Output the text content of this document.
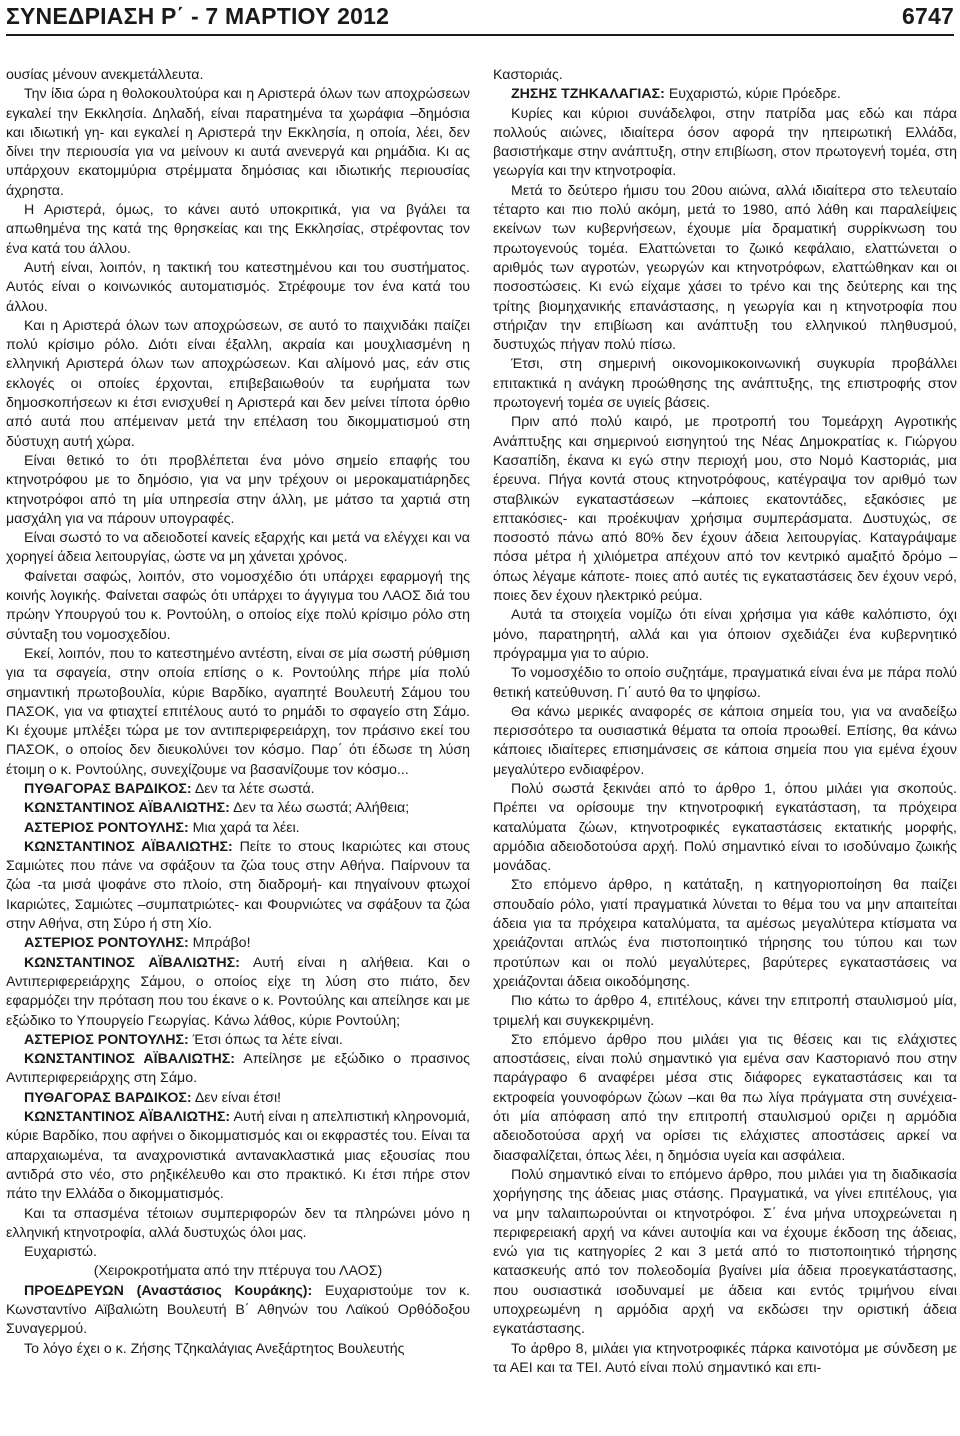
ΣΥΝΕΔΡΙΑΣΗ Ρ΄ - 7 ΜΑΡΤΙΟΥ 2012	6747

ουσίας μένουν ανεκμετάλλευτα.

Την ίδια ώρα η θολοκουλτούρα και η Αριστερά όλων των αποχρώσεων εγκαλεί την Εκκλησία. Δηλαδή, είναι παρατημένα τα χωράφια –δημόσια και ιδιωτική γη- και εγκαλεί η Αριστερά την Εκκλησία, η οποία, λέει, δεν δίνει την περιουσία για να μείνουν κι αυτά ανενεργά και ρημάδια. Κι ας υπάρχουν εκατομμύρια στρέμματα δημόσιας και ιδιωτικής περιουσίας άχρηστα.

Η Αριστερά, όμως, το κάνει αυτό υποκριτικά, για να βγάλει τα απωθημένα της κατά της θρησκείας και της Εκκλησίας, στρέφοντας τον ένα κατά του άλλου.

Αυτή είναι, λοιπόν, η τακτική του κατεστημένου και του συστήματος. Αυτός είναι ο κοινωνικός αυτοματισμός. Στρέφουμε τον ένα κατά του άλλου.

Και η Αριστερά όλων των αποχρώσεων, σε αυτό το παιχνιδάκι παίζει πολύ κρίσιμο ρόλο. Διότι είναι έξαλλη, ακραία και μουχλιασμένη η ελληνική Αριστερά όλων των αποχρώσεων. Και αλίμονό μας, εάν στις εκλογές οι οποίες έρχονται, επιβεβαιωθούν τα ευρήματα των δημοσκοπήσεων κι έτσι ενισχυθεί η Αριστερά και δεν μείνει τίποτα όρθιο από αυτά που απέμειναν μετά την επέλαση του δικομματισμού στη δύστυχη αυτή χώρα.

Είναι θετικό το ότι προβλέπεται ένα μόνο σημείο επαφής του κτηνοτρόφου με το δημόσιο, για να μην τρέχουν οι μεροκαματιάρηδες κτηνοτρόφοι από τη μία υπηρεσία στην άλλη, με μάτσο τα χαρτιά στη μασχάλη για να πάρουν υπογραφές.

Είναι σωστό το να αδειοδοτεί κανείς εξαρχής και μετά να ελέγχει και να χορηγεί άδεια λειτουργίας, ώστε να μη χάνεται χρόνος.

Φαίνεται σαφώς, λοιπόν, στο νομοσχέδιο ότι υπάρχει εφαρμογή της κοινής λογικής. Φαίνεται σαφώς ότι υπάρχει το άγγιγμα του ΛΑΟΣ διά του πρώην Υπουργού του κ. Ροντούλη, ο οποίος είχε πολύ κρίσιμο ρόλο στη σύνταξη του νομοσχεδίου.

Εκεί, λοιπόν, που το κατεστημένο αντέστη, είναι σε μία σωστή ρύθμιση για τα σφαγεία, στην οποία επίσης ο κ. Ροντούλης πήρε μία πολύ σημαντική πρωτοβουλία, κύριε Βαρδίκο, αγαπητέ Βουλευτή Σάμου του ΠΑΣΟΚ, για να φτιαχτεί επιτέλους αυτό το ρημάδι το σφαγείο στη Σάμο. Κι έχουμε μπλέξει τώρα με τον αντιπεριφερειάρχη, τον πράσινο εκεί του ΠΑΣΟΚ, ο οποίος δεν διευκολύνει τον κόσμο. Παρ΄ ότι έδωσε τη λύση έτοιμη ο κ. Ροντούλης, συνεχίζουμε να βασανίζουμε τον κόσμο...

ΠΥΘΑΓΟΡΑΣ ΒΑΡΔΙΚΟΣ: Δεν τα λέτε σωστά.

ΚΩΝΣΤΑΝΤΙΝΟΣ ΑΪΒΑΛΙΩΤΗΣ: Δεν τα λέω σωστά; Αλήθεια;

ΑΣΤΕΡΙΟΣ ΡΟΝΤΟΥΛΗΣ: Μια χαρά τα λέει.

ΚΩΝΣΤΑΝΤΙΝΟΣ ΑΪΒΑΛΙΩΤΗΣ: Πείτε το στους Ικαριώτες και στους Σαμιώτες που πάνε να σφάξουν τα ζώα τους στην Αθήνα. Παίρνουν τα ζώα -τα μισά ψοφάνε στο πλοίο, στη διαδρομή- και πηγαίνουν φτωχοί Ικαριώτες, Σαμιώτες –συμπατριώτες- και Φουρνιώτες να σφάξουν τα ζώα στην Αθήνα, στη Σύρο ή στη Χίο.

ΑΣΤΕΡΙΟΣ ΡΟΝΤΟΥΛΗΣ: Μπράβο!

ΚΩΝΣΤΑΝΤΙΝΟΣ ΑΪΒΑΛΙΩΤΗΣ: Αυτή είναι η αλήθεια. Και ο Αντιπεριφερειάρχης Σάμου, ο οποίος είχε τη λύση στο πιάτο, δεν εφαρμόζει την πρόταση που του έκανε ο κ. Ροντούλης και απείλησε και με εξώδικο το Υπουργείο Γεωργίας. Κάνω λάθος, κύριε Ροντούλη;

ΑΣΤΕΡΙΟΣ ΡΟΝΤΟΥΛΗΣ: Έτσι όπως τα λέτε είναι.

ΚΩΝΣΤΑΝΤΙΝΟΣ ΑΪΒΑΛΙΩΤΗΣ: Απείλησε με εξώδικο ο πρασινος Αντιπεριφερειάρχης στη Σάμο.

ΠΥΘΑΓΟΡΑΣ ΒΑΡΔΙΚΟΣ: Δεν είναι έτσι!

ΚΩΝΣΤΑΝΤΙΝΟΣ ΑΪΒΑΛΙΩΤΗΣ: Αυτή είναι η απελπιστική κληρονομιά, κύριε Βαρδίκο, που αφήνει ο δικομματισμός και οι εκφραστές του. Είναι τα απαρχαιωμένα, τα αναχρονιστικά αντανακλαστικά μιας εξουσίας που αντιδρά στο νέο, στο ρηξικέλευθο και στο πρακτικό. Κι έτσι πήρε στον πάτο την Ελλάδα ο δικομματισμός.

Και τα σπασμένα τέτοιων συμπεριφορών δεν τα πληρώνει μόνο η ελληνική κτηνοτροφία, αλλά δυστυχώς όλοι μας.

Ευχαριστώ.

(Χειροκροτήματα από την πτέρυγα του ΛΑΟΣ)

ΠΡΟΕΔΡΕΥΩΝ (Αναστάσιος Κουράκης): Ευχαριστούμε τον κ. Κωνσταντίνο Αϊβαλιώτη Βουλευτή Β΄ Αθηνών του Λαϊκού Ορθόδοξου Συναγερμού.

Το λόγο έχει ο κ. Ζήσης Τζηκαλάγιας Ανεξάρτητος Βουλευτής

Καστοριάς.

ΖΗΣΗΣ ΤΖΗΚΑΛΑΓΙΑΣ: Ευχαριστώ, κύριε Πρόεδρε.

Κυρίες και κύριοι συνάδελφοι, στην πατρίδα μας εδώ και πάρα πολλούς αιώνες, ιδιαίτερα όσον αφορά την ηπειρωτική Ελλάδα, βασιστήκαμε στην ανάπτυξη, στην επιβίωση, στον πρωτογενή τομέα, στη γεωργία και την κτηνοτροφία.

Μετά το δεύτερο ήμισυ του 20ου αιώνα, αλλά ιδιαίτερα στο τελευταίο τέταρτο και πιο πολύ ακόμη, μετά το 1980, από λάθη και παραλείψεις εκείνων των κυβερνήσεων, έχουμε μία δραματική συρρίκνωση του πρωτογενούς τομέα. Ελαττώνεται το ζωικό κεφάλαιο, ελαττώνεται ο αριθμός των αγροτών, γεωργών και κτηνοτρόφων, ελαττώθηκαν και οι ποσοστώσεις. Κι ενώ είχαμε χάσει το τρένο και της δεύτερης και της τρίτης βιομηχανικής επανάστασης, η γεωργία και η κτηνοτροφία που στήριζαν την επιβίωση και ανάπτυξη του ελληνικού πληθυσμού, δυστυχώς πήγαν πολύ πίσω.

Έτσι, στη σημερινή οικονομικοκοινωνική συγκυρία προβάλλει επιτακτικά η ανάγκη προώθησης της ανάπτυξης, της επιστροφής στον πρωτογενή τομέα σε υγιείς βάσεις.

Πριν από πολύ καιρό, με προτροπή του Τομεάρχη Αγροτικής Ανάπτυξης και σημερινού εισηγητού της Νέας Δημοκρατίας κ. Γιώργου Κασαπίδη, έκανα κι εγώ στην περιοχή μου, στο Νομό Καστοριάς, μια έρευνα. Πήγα κοντά στους κτηνοτρόφους, κατέγραψα τον αριθμό των σταβλικών εγκαταστάσεων –κάποιες εκατοντάδες, εξακόσιες με επτακόσιες- και προέκυψαν χρήσιμα συμπεράσματα. Δυστυχώς, σε ποσοστό πάνω από 80% δεν έχουν άδεια λειτουργίας. Καταγράψαμε πόσα μέτρα ή χιλιόμετρα απέχουν από τον κεντρικό αμαξιτό δρόμο –όπως λέγαμε κάποτε- ποιες από αυτές τις εγκαταστάσεις δεν έχουν νερό, ποιες δεν έχουν ηλεκτρικό ρεύμα.

Αυτά τα στοιχεία νομίζω ότι είναι χρήσιμα για κάθε καλόπιστο, όχι μόνο, παρατηρητή, αλλά και για όποιον σχεδιάζει ένα κυβερνητικό πρόγραμμα για το αύριο.

Το νομοσχέδιο το οποίο συζητάμε, πραγματικά είναι ένα με πάρα πολύ θετική κατεύθυνση. Γι΄ αυτό θα το ψηφίσω.

Θα κάνω μερικές αναφορές σε κάποια σημεία του, για να αναδείξω περισσότερο τα ουσιαστικά θέματα τα οποία προωθεί. Επίσης, θα κάνω κάποιες ιδιαίτερες επισημάνσεις σε κάποια σημεία που για εμένα έχουν μεγαλύτερο ενδιαφέρον.

Πολύ σωστά ξεκινάει από το άρθρο 1, όπου μιλάει για σκοπούς. Πρέπει να ορίσουμε την κτηνοτροφική εγκατάσταση, τα πρόχειρα καταλύματα ζώων, κτηνοτροφικές εγκαταστάσεις εκτατικής μορφής, αρμόδια αδειοδοτούσα αρχή. Πολύ σημαντικό είναι το ισοδύναμο ζωικής μονάδας.

Στο επόμενο άρθρο, η κατάταξη, η κατηγοριοποίηση θα παίζει σπουδαίο ρόλο, γιατί πραγματικά λύνεται το θέμα του να μην απαιτείται άδεια για τα πρόχειρα καταλύματα, τα αμέσως μεγαλύτερα κτίσματα να χρειάζονται απλώς ένα πιστοποιητικό τήρησης του τύπου και των προτύπων και οι πολύ μεγαλύτερες, βαρύτερες εγκαταστάσεις να χρειάζονται άδεια οικοδόμησης.

Πιο κάτω το άρθρο 4, επιτέλους, κάνει την επιτροπή σταυλισμού μία, τριμελή και συγκεκριμένη.

Στο επόμενο άρθρο που μιλάει για τις θέσεις και τις ελάχιστες αποστάσεις, είναι πολύ σημαντικό για εμένα σαν Καστοριανό που στην παράγραφο 6 αναφέρει μέσα στις διάφορες εγκαταστάσεις και τα εκτροφεία γουνοφόρων ζώων –και θα πω λίγα πράγματα στη συνέχεια- ότι μία απόφαση από την επιτροπή σταυλισμού οριζει η αρμόδια αδειοδοτούσα αρχή να ορίσει τις ελάχιστες αποστάσεις αρκεί να διασφαλίζεται, όπως λέει, η δημόσια υγεία και ασφάλεια.

Πολύ σημαντικό είναι το επόμενο άρθρο, που μιλάει για τη διαδικασία χορήγησης της άδειας μιας στάσης. Πραγματικά, να γίνει επιτέλους, για να μην ταλαιπωρούνται οι κτηνοτρόφοι. Σ΄ ένα μήνα υποχρεώνεται η περιφερειακή αρχή να κάνει αυτοψία και να έχουμε έκδοση της άδειας, ενώ για τις κατηγορίες 2 και 3 μετά από το πιστοποιητικό τήρησης κατασκευής από τον πολεοδομία βγαίνει μία άδεια προεγκατάστασης, που ουσιαστικά ισοδυναμεί με άδεια και εντός τριμήνου είναι υποχρεωμένη η αρμόδια αρχή να εκδώσει την οριστική άδεια εγκατάστασης.

Το άρθρο 8, μιλάει για κτηνοτροφικές πάρκα καινοτόμα με σύνδεση με τα ΑΕΙ και τα ΤΕΙ. Αυτό είναι πολύ σημαντικό και επι-
